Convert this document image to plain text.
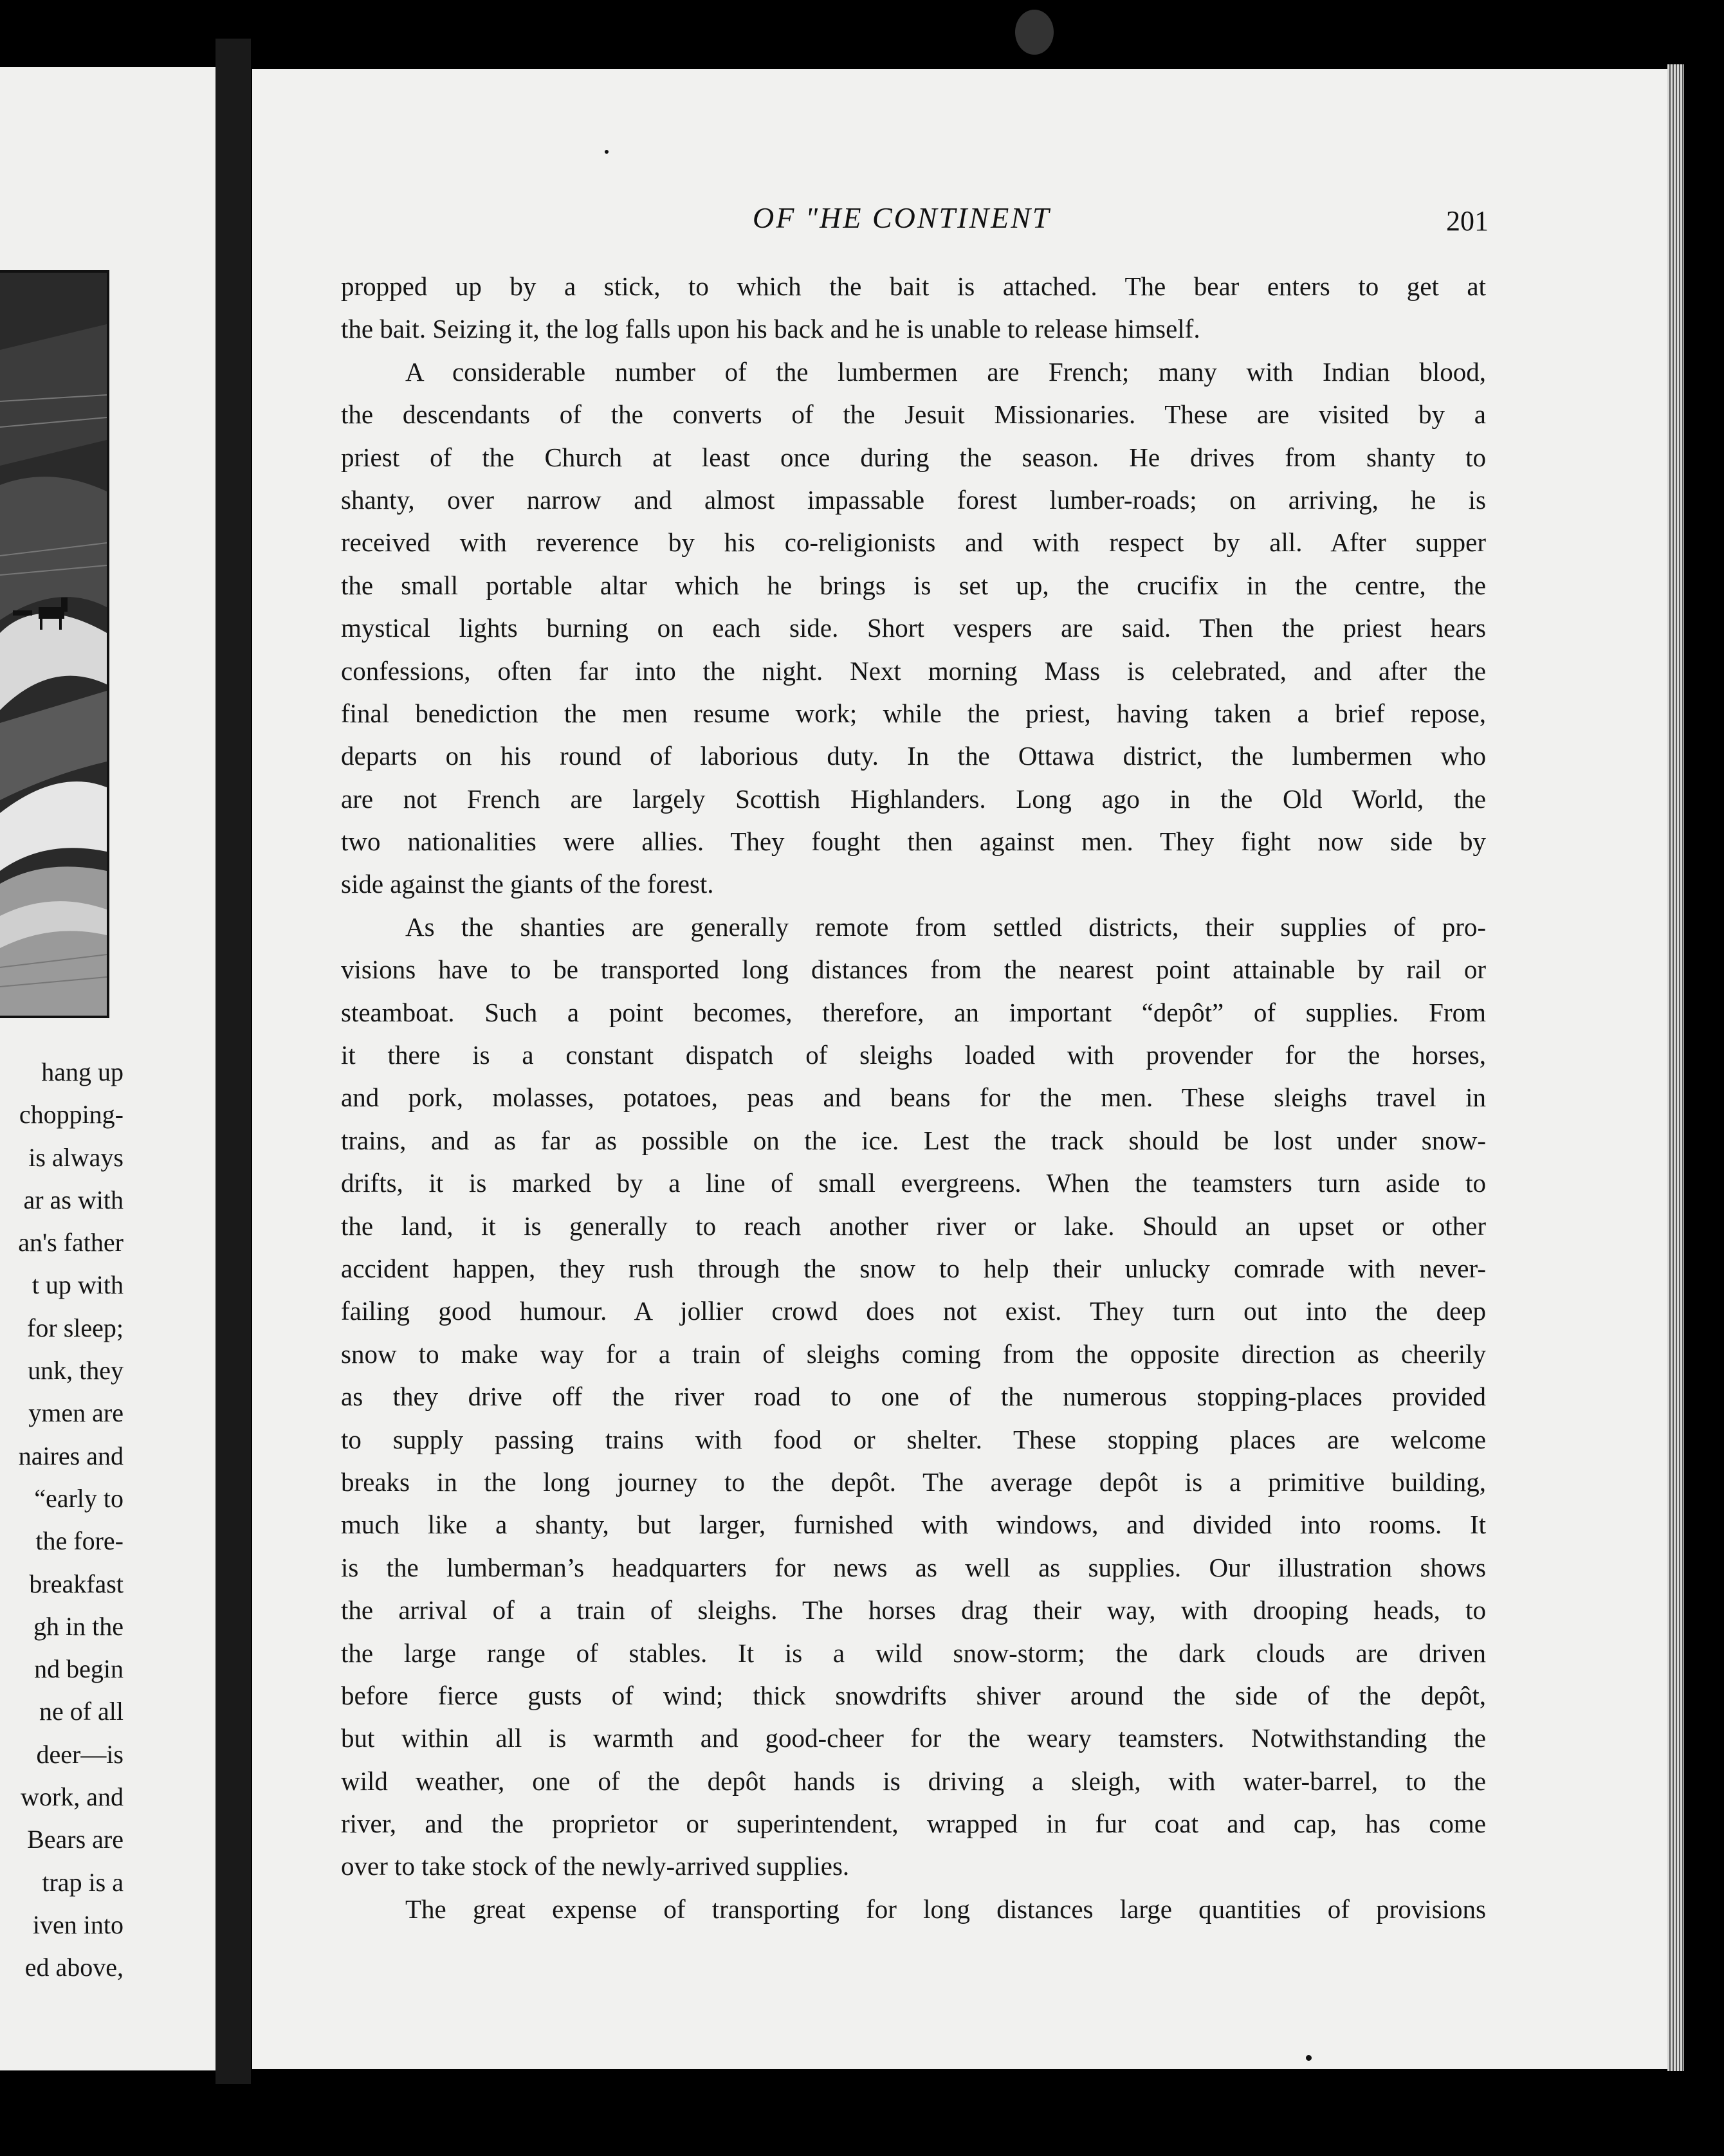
hang up
chopping-
is always
ar as with
an's father
t up with
for sleep;
unk, they
ymen are
naires and
“early to
the fore-
breakfast
gh in the
nd begin
ne of all
deer—is
work, and
Bears are
trap is a
iven into
ed above,
OF "HE CONTINENT	201
propped up by a stick, to which the bait is attached. The bear enters to get at
the bait. Seizing it, the log falls upon his back and he is unable to release himself.
A considerable number of the lumbermen are French; many with Indian blood,
the descendants of the converts of the Jesuit Missionaries. These are visited by a
priest of the Church at least once during the season. He drives from shanty to
shanty, over narrow and almost impassable forest lumber-roads; on arriving, he is
received with reverence by his co-religionists and with respect by all. After supper
the small portable altar which he brings is set up, the crucifix in the centre, the
mystical lights burning on each side. Short vespers are said. Then the priest hears
confessions, often far into the night. Next morning Mass is celebrated, and after the
final benediction the men resume work; while the priest, having taken a brief repose,
departs on his round of laborious duty. In the Ottawa district, the lumbermen who
are not French are largely Scottish Highlanders. Long ago in the Old World, the
two nationalities were allies. They fought then against men. They fight now side by
side against the giants of the forest.
As the shanties are generally remote from settled districts, their supplies of pro-
visions have to be transported long distances from the nearest point attainable by rail or
steamboat. Such a point becomes, therefore, an important “depôt” of supplies. From
it there is a constant dispatch of sleighs loaded with provender for the horses,
and pork, molasses, potatoes, peas and beans for the men. These sleighs travel in
trains, and as far as possible on the ice. Lest the track should be lost under snow-
drifts, it is marked by a line of small evergreens. When the teamsters turn aside to
the land, it is generally to reach another river or lake. Should an upset or other
accident happen, they rush through the snow to help their unlucky comrade with never-
failing good humour. A jollier crowd does not exist. They turn out into the deep
snow to make way for a train of sleighs coming from the opposite direction as cheerily
as they drive off the river road to one of the numerous stopping-places provided
to supply passing trains with food or shelter. These stopping places are welcome
breaks in the long journey to the depôt. The average depôt is a primitive building,
much like a shanty, but larger, furnished with windows, and divided into rooms. It
is the lumberman’s headquarters for news as well as supplies. Our illustration shows
the arrival of a train of sleighs. The horses drag their way, with drooping heads, to
the large range of stables. It is a wild snow-storm; the dark clouds are driven
before fierce gusts of wind; thick snowdrifts shiver around the side of the depôt,
but within all is warmth and good-cheer for the weary teamsters. Notwithstanding the
wild weather, one of the depôt hands is driving a sleigh, with water-barrel, to the
river, and the proprietor or superintendent, wrapped in fur coat and cap, has come
over to take stock of the newly-arrived supplies.
The great expense of transporting for long distances large quantities of provisions
